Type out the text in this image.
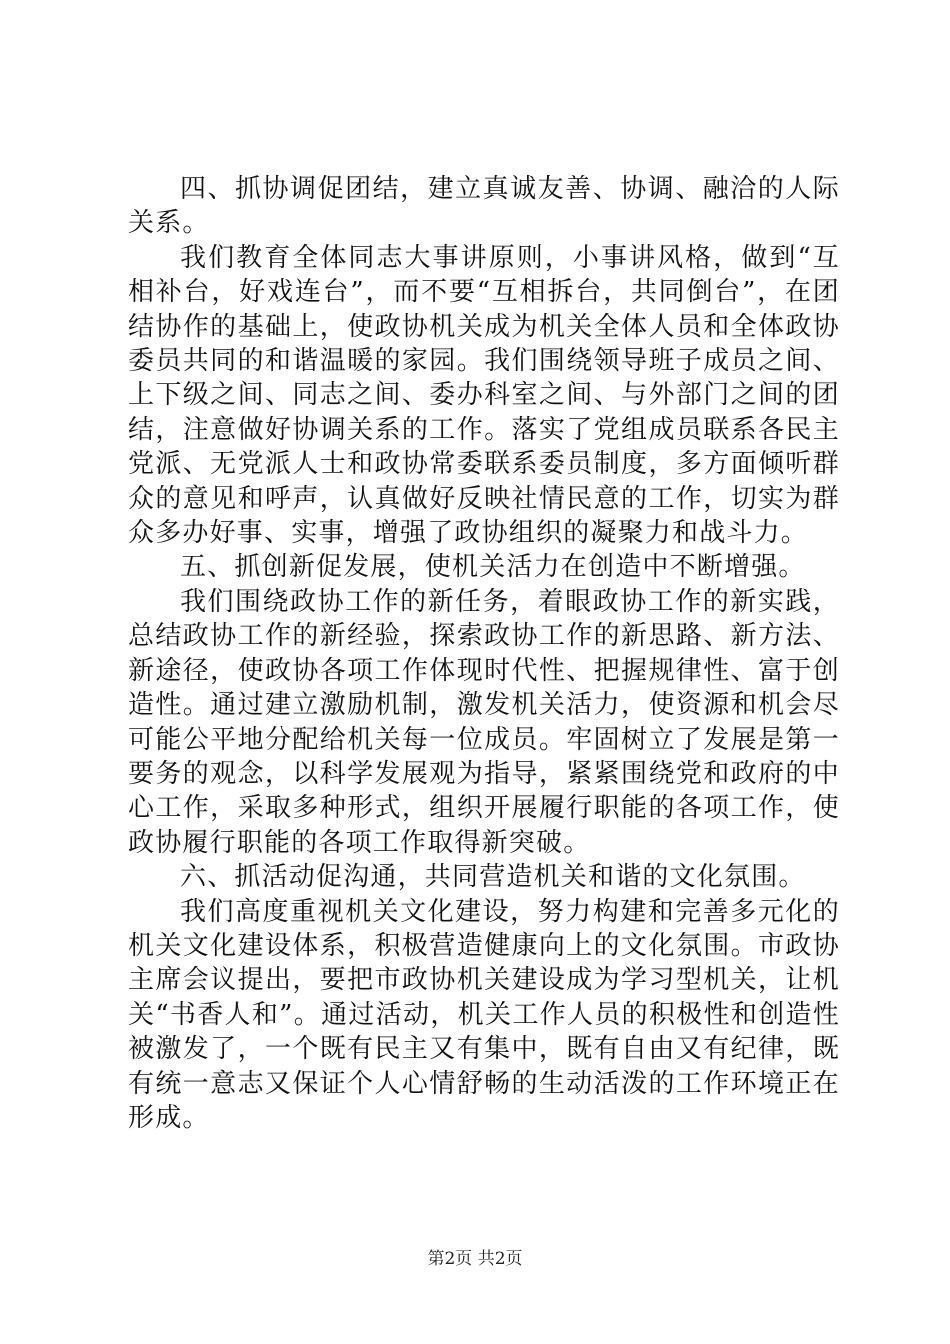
四、抓协调促团结，建立真诚友善、协调、融洽的人际关系。

我们教育全体同志大事讲原则，小事讲风格，做到“互相补台，好戏连台”，而不要“互相拆台，共同倒台”，在团结协作的基础上，使政协机关成为机关全体人员和全体政协委员共同的和谐温暖的家园。我们围绕领导班子成员之间、上下级之间、同志之间、委办科室之间、与外部门之间的团结，注意做好协调关系的工作。落实了党组成员联系各民主党派、无党派人士和政协常委联系委员制度，多方面倾听群众的意见和呼声，认真做好反映社情民意的工作，切实为群众多办好事、实事，增强了政协组织的凝聚力和战斗力。

五、抓创新促发展，使机关活力在创造中不断增强。

我们围绕政协工作的新任务，着眼政协工作的新实践，总结政协工作的新经验，探索政协工作的新思路、新方法、新途径，使政协各项工作体现时代性、把握规律性、富于创造性。通过建立激励机制，激发机关活力，使资源和机会尽可能公平地分配给机关每一位成员。牢固树立了发展是第一要务的观念，以科学发展观为指导，紧紧围绕党和政府的中心工作，采取多种形式，组织开展履行职能的各项工作，使政协履行职能的各项工作取得新突破。

六、抓活动促沟通，共同营造机关和谐的文化氛围。

我们高度重视机关文化建设，努力构建和完善多元化的机关文化建设体系，积极营造健康向上的文化氛围。市政协主席会议提出，要把市政协机关建设成为学习型机关，让机关“书香人和”。通过活动，机关工作人员的积极性和创造性被激发了，一个既有民主又有集中，既有自由又有纪律，既有统一意志又保证个人心情舒畅的生动活泼的工作环境正在形成。

第2页 共2页
